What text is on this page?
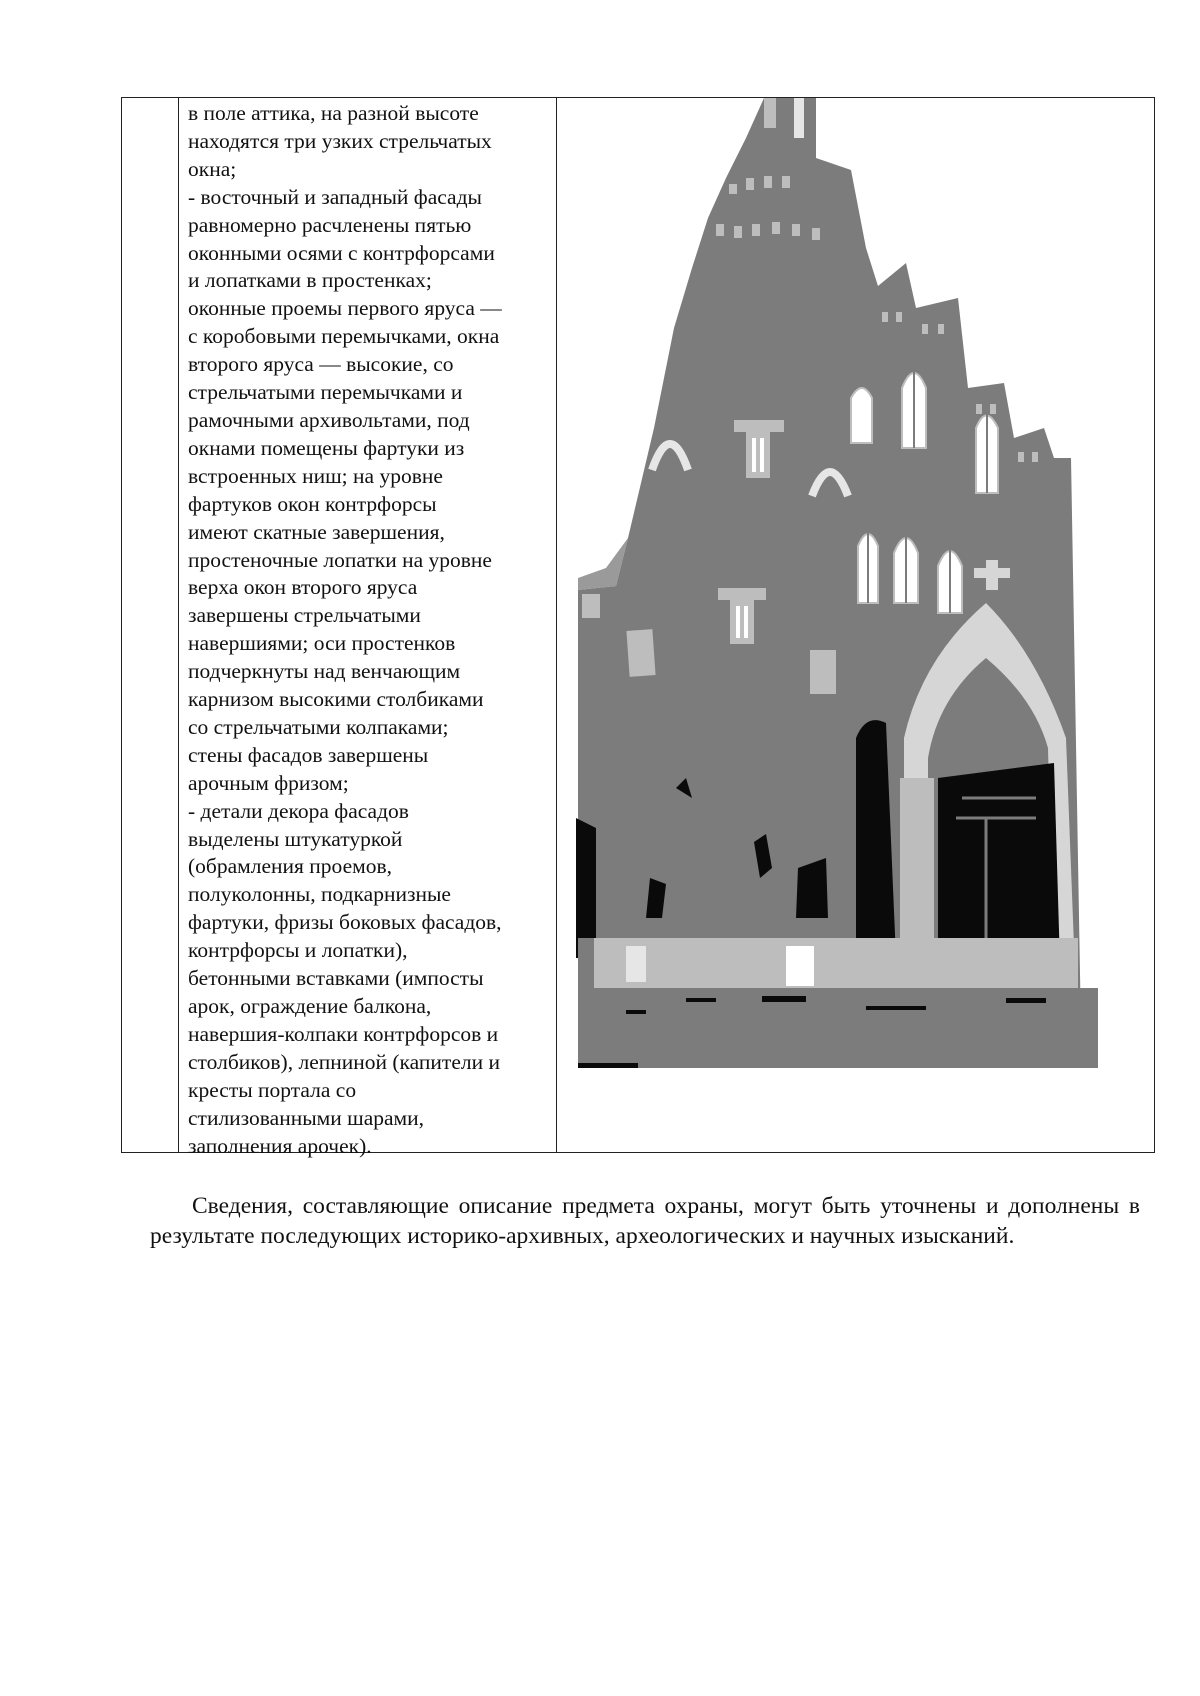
в поле аттика, на разной высоте
находятся три узких стрельчатых
окна;
- восточный и западный фасады
равномерно расчленены пятью
оконными осями с контрфорсами
и лопатками в простенках;
оконные проемы первого яруса —
с коробовыми перемычками, окна
второго яруса — высокие, со
стрельчатыми перемычками и
рамочными архивольтами, под
окнами помещены фартуки из
встроенных ниш; на уровне
фартуков окон контрфорсы
имеют скатные завершения,
простеночные лопатки на уровне
верха окон второго яруса
завершены стрельчатыми
навершиями; оси простенков
подчеркнуты над венчающим
карнизом высокими столбиками
со стрельчатыми колпаками;
стены фасадов завершены
арочным фризом;
- детали декора фасадов
выделены штукатуркой
(обрамления проемов,
полуколонны, подкарнизные
фартуки, фризы боковых фасадов,
контрфорсы и лопатки),
бетонными вставками (импосты
арок, ограждение балкона,
навершия-колпаки контрфорсов и
столбиков), лепниной (капители и
кресты портала со
стилизованными шарами,
заполнения арочек).
Сведения, составляющие описание предмета охраны, могут быть уточнены и дополнены в результате последующих историко-архивных, археологических и научных изысканий.
